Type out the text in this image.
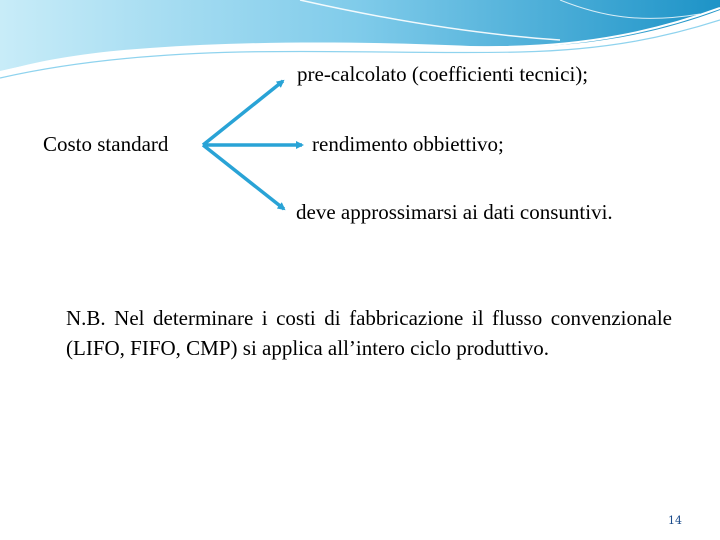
Costo standard
pre-calcolato (coefficienti tecnici);
rendimento obbiettivo;
deve approssimarsi ai dati consuntivi.
N.B. Nel determinare i costi di fabbricazione il flusso convenzionale (LIFO, FIFO, CMP) si applica all’intero ciclo produttivo.
14
